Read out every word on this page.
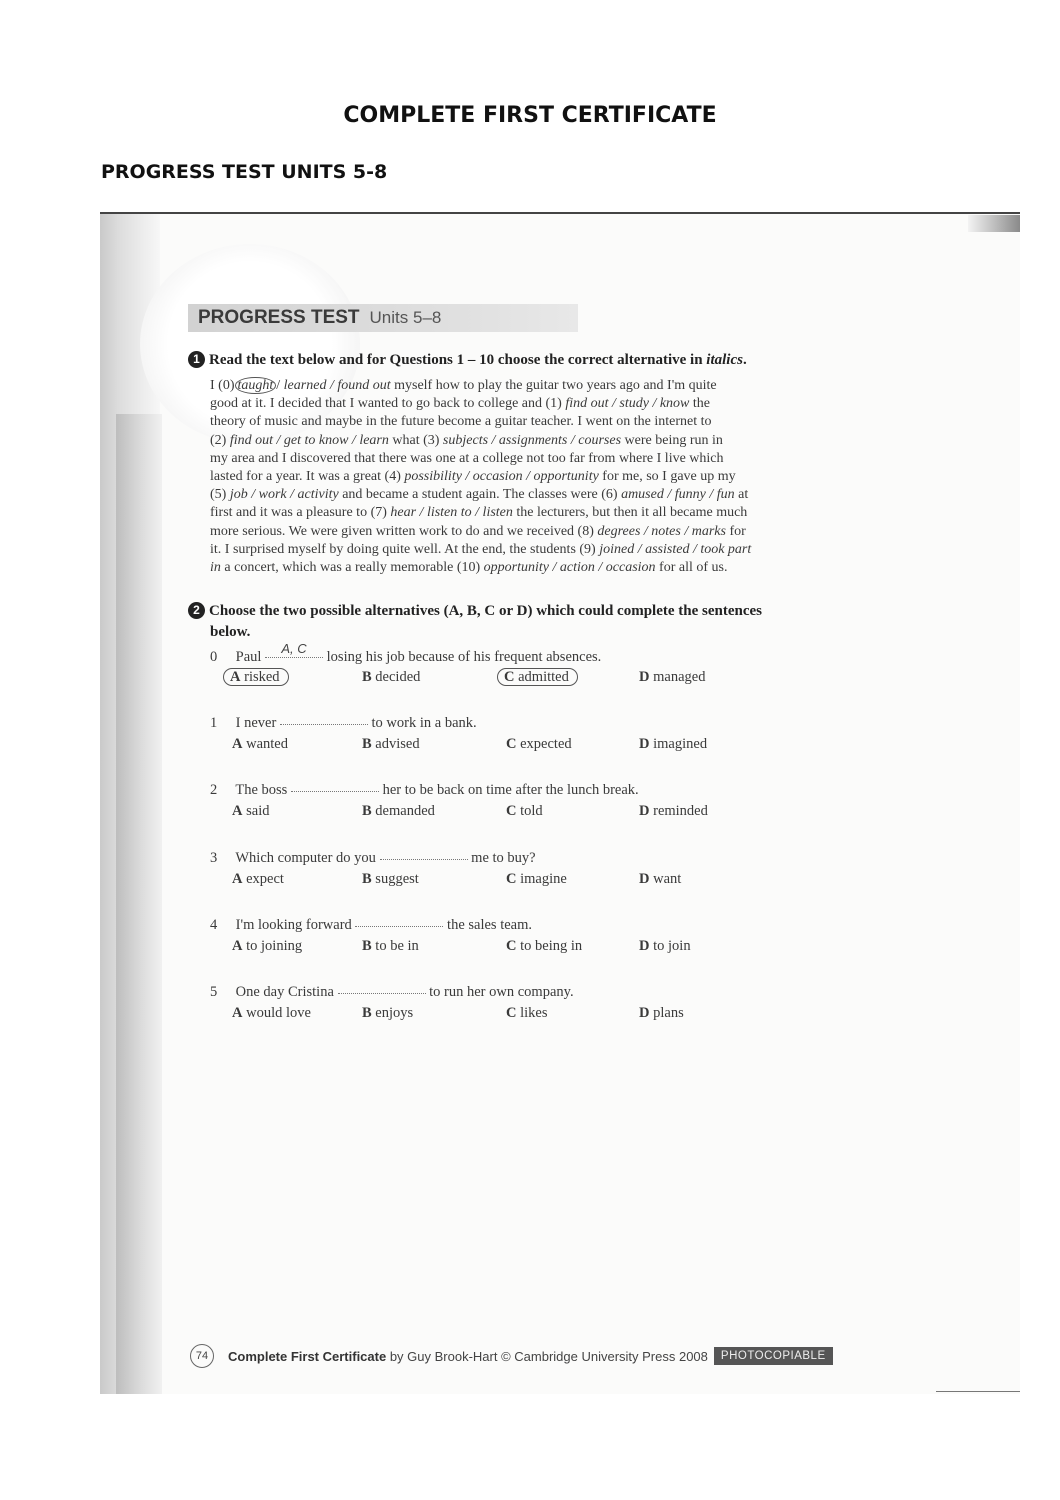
COMPLETE FIRST CERTIFICATE
PROGRESS TEST UNITS 5-8
PROGRESS TEST Units 5–8
1 Read the text below and for Questions 1 – 10 choose the correct alternative in italics.
I (0) taught / learned / found out myself how to play the guitar two years ago and I'm quite
good at it. I decided that I wanted to go back to college and (1) find out / study / know the
theory of music and maybe in the future become a guitar teacher. I went on the internet to
(2) find out / get to know / learn what (3) subjects / assignments / courses were being run in
my area and I discovered that there was one at a college not too far from where I live which
lasted for a year. It was a great (4) possibility / occasion / opportunity for me, so I gave up my
(5) job / work / activity and became a student again. The classes were (6) amused / funny / fun at
first and it was a pleasure to (7) hear / listen to / listen the lecturers, but then it all became much
more serious. We were given written work to do and we received (8) degrees / notes / marks for
it. I surprised myself by doing quite well. At the end, the students (9) joined / assisted / took part
in a concert, which was a really memorable (10) opportunity / action / occasion for all of us.
2 Choose the two possible alternatives (A, B, C or D) which could complete the sentences
below.
0 Paul A, C losing his job because of his frequent absences.
A risked	B decided	C admitted	D managed
1 I never	to work in a bank.
A wanted	B advised	C expected	D imagined
2 The boss	her to be back on time after the lunch break.
A said	B demanded	C told	D reminded
3 Which computer do you	me to buy?
A expect	B suggest	C imagine	D want
4 I'm looking forward	the sales team.
A to joining	B to be in	C to being in	D to join
5 One day Cristina	to run her own company.
A would love	B enjoys	C likes	D plans
74	Complete First Certificate by Guy Brook-Hart © Cambridge University Press 2008	PHOTOCOPIABLE
